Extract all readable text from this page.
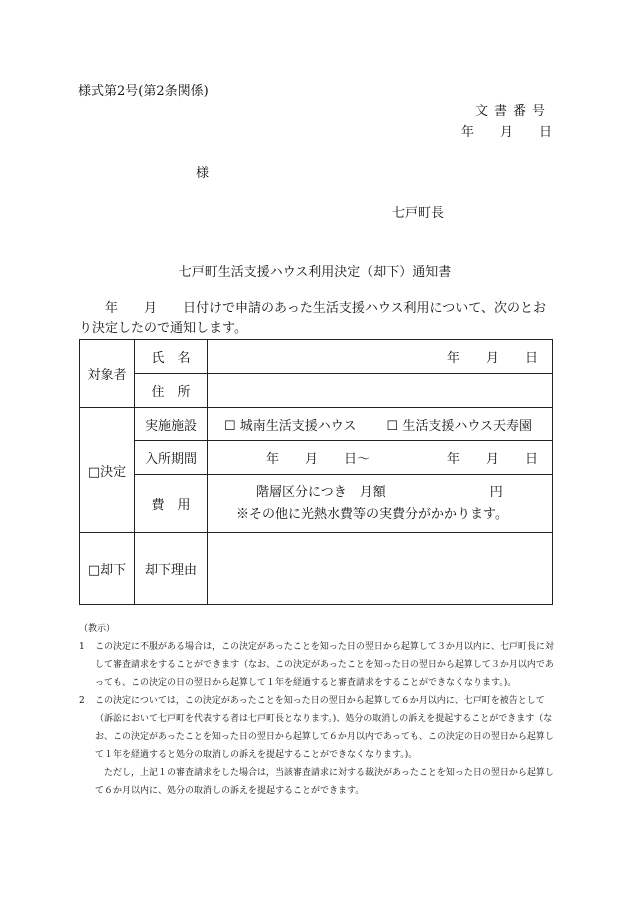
様式第2号(第2条関係)
文書番号
年　　月　　日
様
七戸町長
七戸町生活支援ハウス利用決定（却下）通知書
年　　月　　日付けで申請のあった生活支援ハウス利用について、次のとおり決定したので通知します。
対象者	氏　名	年　　月　　日
	住　所	
□決定	実施施設	☐ 城南生活支援ハウス ☐ 生活支援ハウス天寿園
	入所期間	年　　月　　日〜 年　　月　　日

	費　用	階層区分につき　月額　　　　　　　　円
※その他に光熱水費等の実費分がかかります。

□却下	却下理由	

（教示）

1	この決定に不服がある場合は，この決定があったことを知った日の翌日から起算して３か月以内に、七戸町長に対して審査請求をすることができます（なお、この決定があったことを知った日の翌日から起算して３か月以内であっても、この決定の日の翌日から起算して１年を経過すると審査請求をすることができなくなります。)。
2	この決定については，この決定があったことを知った日の翌日から起算して６か月以内に、七戸町を被告として（訴訟において七戸町を代表する者は七戸町長となります。)、処分の取消しの訴えを提起することができます（なお、この決定があったことを知った日の翌日から起算して６か月以内であっても、この決定の日の翌日から起算して１年を経過すると処分の取消しの訴えを提起することができなくなります。)。

ただし，上記１の審査請求をした場合は，当該審査請求に対する裁決があったことを知った日の翌日から起算して６か月以内に、処分の取消しの訴えを提起することができます。
